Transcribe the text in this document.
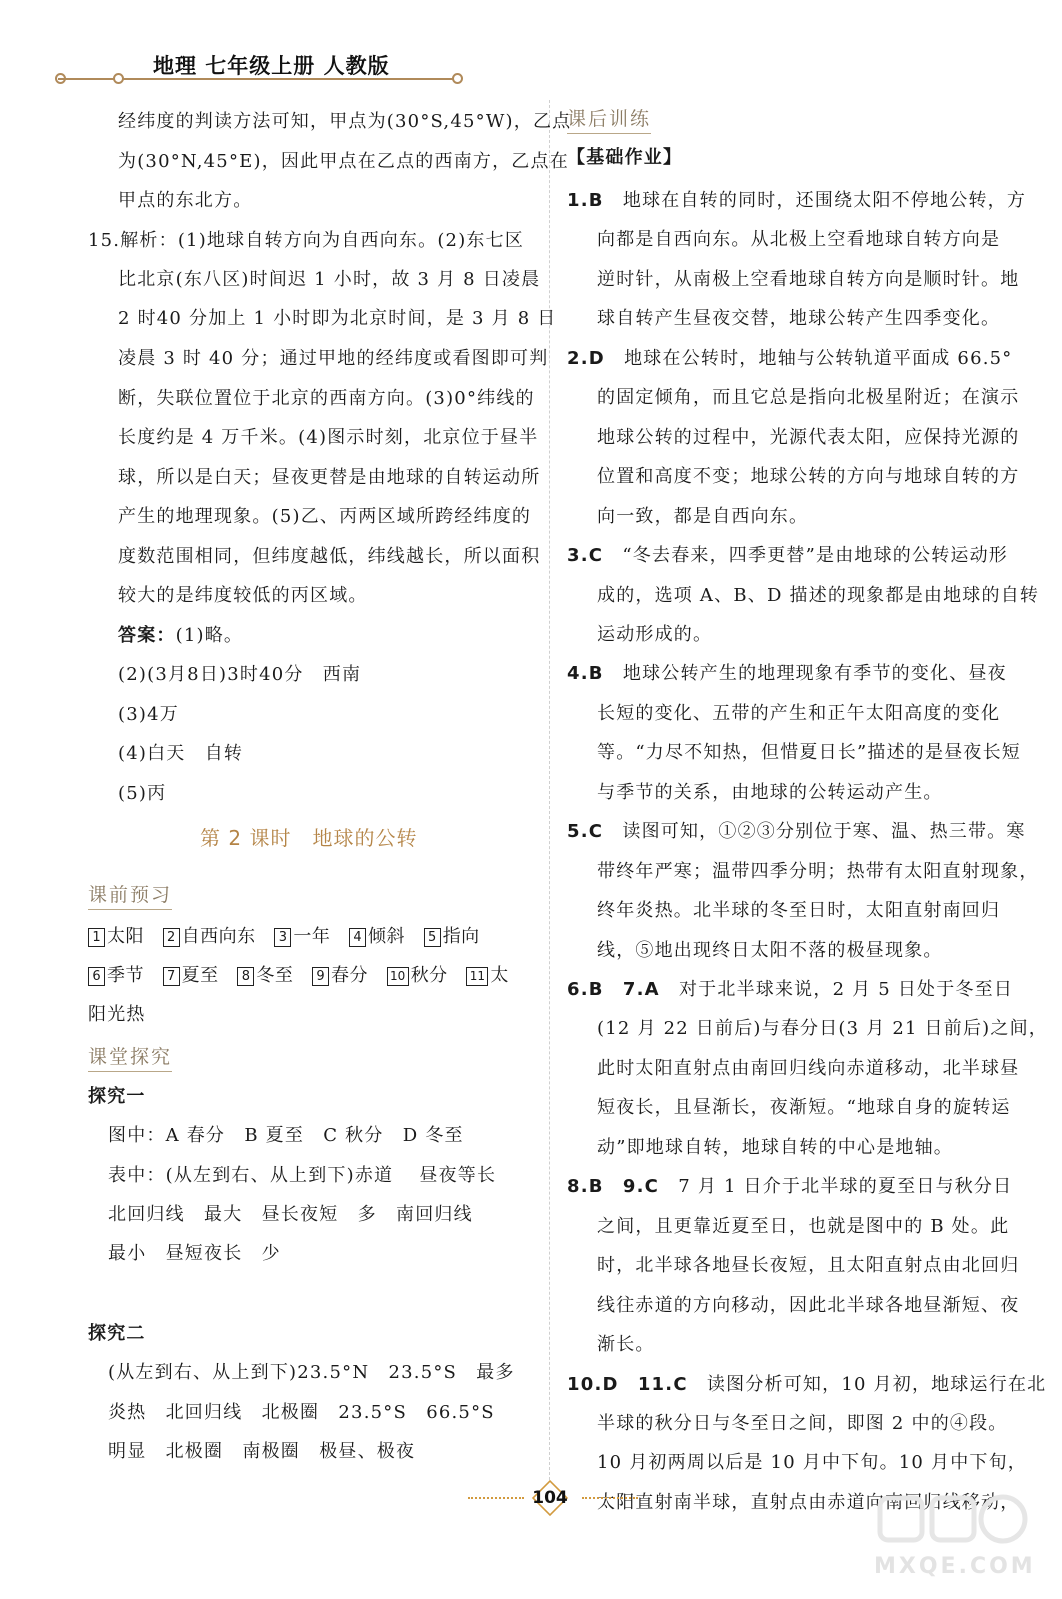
地理 七年级上册 人教版
经纬度的判读方法可知，甲点为(30°S,45°W)，乙点
为(30°N,45°E)，因此甲点在乙点的西南方，乙点在
甲点的东北方。
15.解析：(1)地球自转方向为自西向东。(2)东七区
比北京(东八区)时间迟 1 小时，故 3 月 8 日凌晨
2 时40 分加上 1 小时即为北京时间，是 3 月 8 日
凌晨 3 时 40 分；通过甲地的经纬度或看图即可判
断，失联位置位于北京的西南方向。(3)0°纬线的
长度约是 4 万千米。(4)图示时刻，北京位于昼半
球，所以是白天；昼夜更替是由地球的自转运动所
产生的地理现象。(5)乙、丙两区域所跨经纬度的
度数范围相同，但纬度越低，纬线越长，所以面积
较大的是纬度较低的丙区域。
答案：(1)略。
(2)(3月8日)3时40分　西南
(3)4万
(4)白天　自转
(5)丙
课前预习
1 太阳 2 自西向东 3 一年 4 倾斜 5 指向
6 季节 7 夏至 8 冬至 9 春分 10 秋分 11 太
阳光热
课堂探究
探究一
图中：A 春分　B 夏至　C 秋分　D 冬至
表中：(从左到右、从上到下)赤道　 昼夜等长
北回归线　最大　昼长夜短　多　南回归线
最小　昼短夜长　少
探究二
(从左到右、从上到下)23.5°N　23.5°S　最多
炎热　北回归线　北极圈　23.5°S　66.5°S
明显　北极圈　南极圈　极昼、极夜
第 2 课时　地球的公转
课后训练
【基础作业】
1.B　地球在自转的同时，还围绕太阳不停地公转，方
向都是自西向东。从北极上空看地球自转方向是
逆时针，从南极上空看地球自转方向是顺时针。地
球自转产生昼夜交替，地球公转产生四季变化。
2.D　地球在公转时，地轴与公转轨道平面成 66.5°
的固定倾角，而且它总是指向北极星附近；在演示
地球公转的过程中，光源代表太阳，应保持光源的
位置和高度不变；地球公转的方向与地球自转的方
向一致，都是自西向东。
3.C　“冬去春来，四季更替”是由地球的公转运动形
成的，选项 A、B、D 描述的现象都是由地球的自转
运动形成的。
4.B　地球公转产生的地理现象有季节的变化、昼夜
长短的变化、五带的产生和正午太阳高度的变化
等。“力尽不知热，但惜夏日长”描述的是昼夜长短
与季节的关系，由地球的公转运动产生。
5.C　读图可知，①②③分别位于寒、温、热三带。寒
带终年严寒；温带四季分明；热带有太阳直射现象，
终年炎热。北半球的冬至日时，太阳直射南回归
线，⑤地出现终日太阳不落的极昼现象。
6.B　7.A　对于北半球来说，2 月 5 日处于冬至日
(12 月 22 日前后)与春分日(3 月 21 日前后)之间，
此时太阳直射点由南回归线向赤道移动，北半球昼
短夜长，且昼渐长，夜渐短。“地球自身的旋转运
动”即地球自转，地球自转的中心是地轴。
8.B　9.C　7 月 1 日介于北半球的夏至日与秋分日
之间，且更靠近夏至日，也就是图中的 B 处。此
时，北半球各地昼长夜短，且太阳直射点由北回归
线往赤道的方向移动，因此北半球各地昼渐短、夜
渐长。
10.D　11.C　读图分析可知，10 月初，地球运行在北
半球的秋分日与冬至日之间，即图 2 中的④段。
10 月初两周以后是 10 月中下旬。10 月中下旬，
太阳直射南半球，直射点由赤道向南回归线移动，
104
MXQE.COM
